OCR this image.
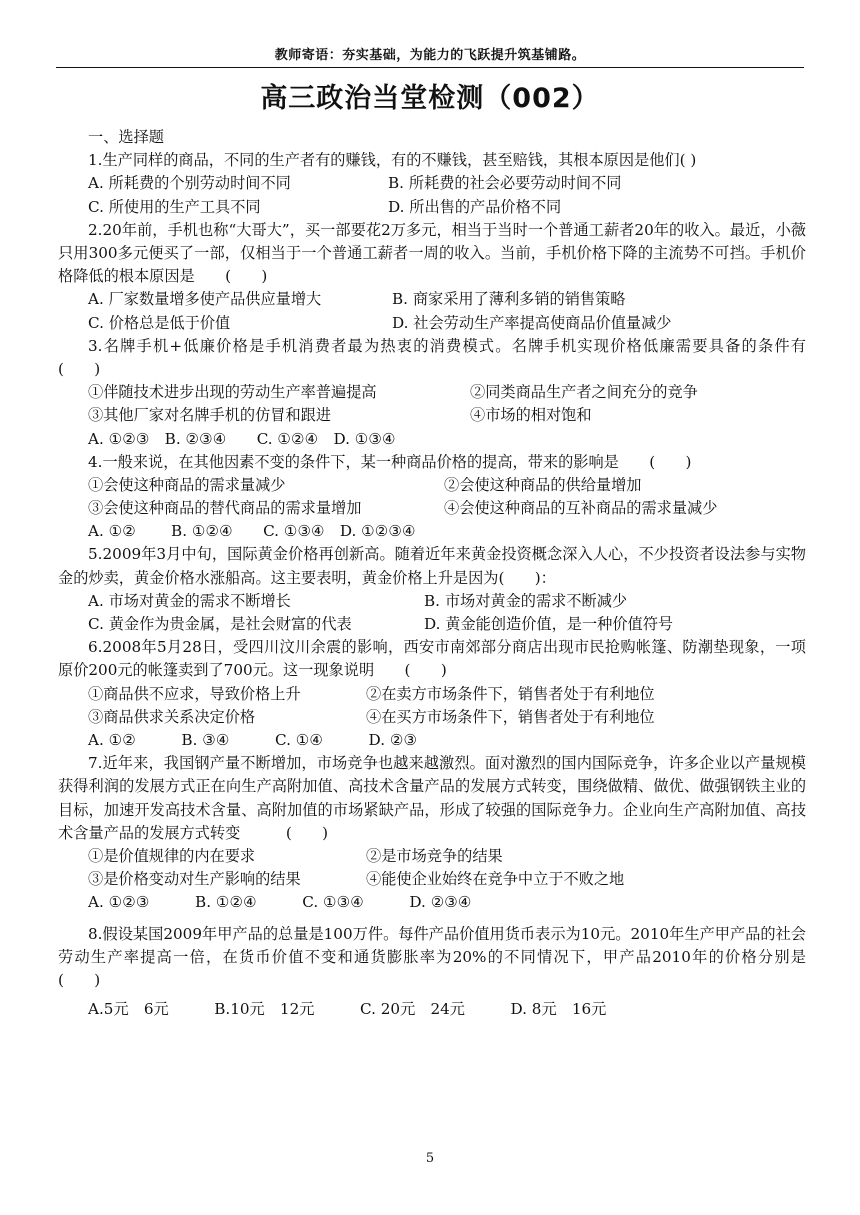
教师寄语：夯实基础，为能力的飞跃提升筑基铺路。
高三政治当堂检测（002）
一、选择题
1.生产同样的商品，不同的生产者有的赚钱，有的不赚钱，甚至赔钱，其根本原因是他们( )
A. 所耗费的个别劳动时间不同	B. 所耗费的社会必要劳动时间不同
C. 所使用的生产工具不同	D. 所出售的产品价格不同
2.20年前，手机也称“大哥大”，买一部要花2万多元，相当于当时一个普通工薪者20年的收入。最近，小薇只用300多元便买了一部，仅相当于一个普通工薪者一周的收入。当前，手机价格下降的主流势不可挡。手机价格降低的根本原因是　　(　　)
A. 厂家数量增多使产品供应量增大	B. 商家采用了薄利多销的销售策略
C. 价格总是低于价值	D. 社会劳动生产率提高使商品价值量减少
3.名牌手机+低廉价格是手机消费者最为热衷的消费模式。名牌手机实现价格低廉需要具备的条件有　　(　　)
①伴随技术进步出现的劳动生产率普遍提高	②同类商品生产者之间充分的竞争
③其他厂家对名牌手机的仿冒和跟进	④市场的相对饱和
A. ①②③　B. ②③④　　C. ①②④　D. ①③④
4.一般来说，在其他因素不变的条件下，某一种商品价格的提高，带来的影响是　　(　　)
①会使这种商品的需求量减少	②会使这种商品的供给量增加
③会使这种商品的替代商品的需求量增加	④会使这种商品的互补商品的需求量减少
A. ①②　　 B. ①②④　　C. ①③④　D. ①②③④
5.2009年3月中旬，国际黄金价格再创新高。随着近年来黄金投资概念深入人心，不少投资者设法参与实物金的炒卖，黄金价格水涨船高。这主要表明，黄金价格上升是因为(　　)：
A. 市场对黄金的需求不断增长	B. 市场对黄金的需求不断减少
C. 黄金作为贵金属，是社会财富的代表	D. 黄金能创造价值，是一种价值符号
6.2008年5月28日，受四川汶川余震的影响，西安市南郊部分商店出现市民抢购帐篷、防潮垫现象，一项原价200元的帐篷卖到了700元。这一现象说明　　(　　)
①商品供不应求，导致价格上升	②在卖方市场条件下，销售者处于有利地位
③商品供求关系决定价格	④在买方市场条件下，销售者处于有利地位
A. ①②　　　B. ③④　　　C. ①④　　　D. ②③
7.近年来，我国钢产量不断增加，市场竞争也越来越激烈。面对激烈的国内国际竞争，许多企业以产量规模获得利润的发展方式正在向生产高附加值、高技术含量产品的发展方式转变，围绕做精、做优、做强钢铁主业的目标，加速开发高技术含量、高附加值的市场紧缺产品，形成了较强的国际竞争力。企业向生产高附加值、高技术含量产品的发展方式转变　　　(　　)
①是价值规律的内在要求	②是市场竞争的结果
③是价格变动对生产影响的结果	④能使企业始终在竞争中立于不败之地
A. ①②③　　　B. ①②④　　　C. ①③④　　　D. ②③④
8.假设某国2009年甲产品的总量是100万件。每件产品价值用货币表示为10元。2010年生产甲产品的社会劳动生产率提高一倍，在货币价值不变和通货膨胀率为20%的不同情况下，甲产品2010年的价格分别是　　(　　)
A.5元　6元　　　B.10元　12元　　　C. 20元　24元　　　D. 8元　16元
5
